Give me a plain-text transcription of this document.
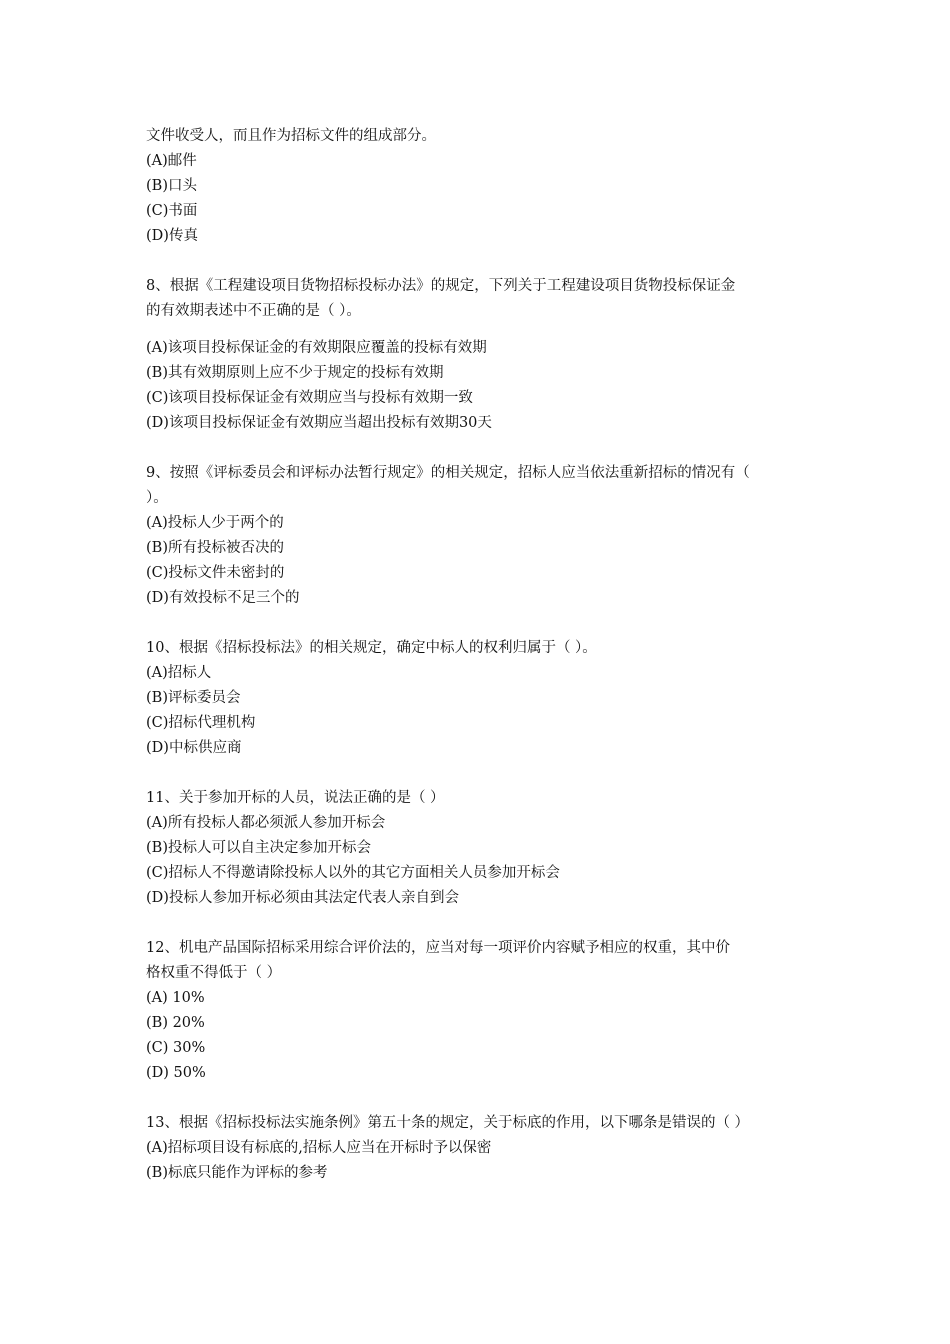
文件收受人，而且作为招标文件的组成部分。
(A)邮件
(B)口头
(C)书面
(D)传真
8、根据《工程建设项目货物招标投标办法》的规定，下列关于工程建设项目货物投标保证金
的有效期表述中不正确的是（ ）。
(A)该项目投标保证金的有效期限应覆盖的投标有效期
(B)其有效期原则上应不少于规定的投标有效期
(C)该项目投标保证金有效期应当与投标有效期一致
(D)该项目投标保证金有效期应当超出投标有效期30天
9、按照《评标委员会和评标办法暂行规定》的相关规定，招标人应当依法重新招标的情况有（
）。
(A)投标人少于两个的
(B)所有投标被否决的
(C)投标文件未密封的
(D)有效投标不足三个的
10、根据《招标投标法》的相关规定，确定中标人的权利归属于（ ）。
(A)招标人
(B)评标委员会
(C)招标代理机构
(D)中标供应商
11、关于参加开标的人员，说法正确的是（ ）
(A)所有投标人都必须派人参加开标会
(B)投标人可以自主决定参加开标会
(C)招标人不得邀请除投标人以外的其它方面相关人员参加开标会
(D)投标人参加开标必须由其法定代表人亲自到会
12、机电产品国际招标采用综合评价法的，应当对每一项评价内容赋予相应的权重，其中价
格权重不得低于（ ）
(A) 10%
(B) 20%
(C) 30%
(D) 50%
13、根据《招标投标法实施条例》第五十条的规定，关于标底的作用，以下哪条是错误的（ ）
(A)招标项目设有标底的,招标人应当在开标时予以保密
(B)标底只能作为评标的参考
